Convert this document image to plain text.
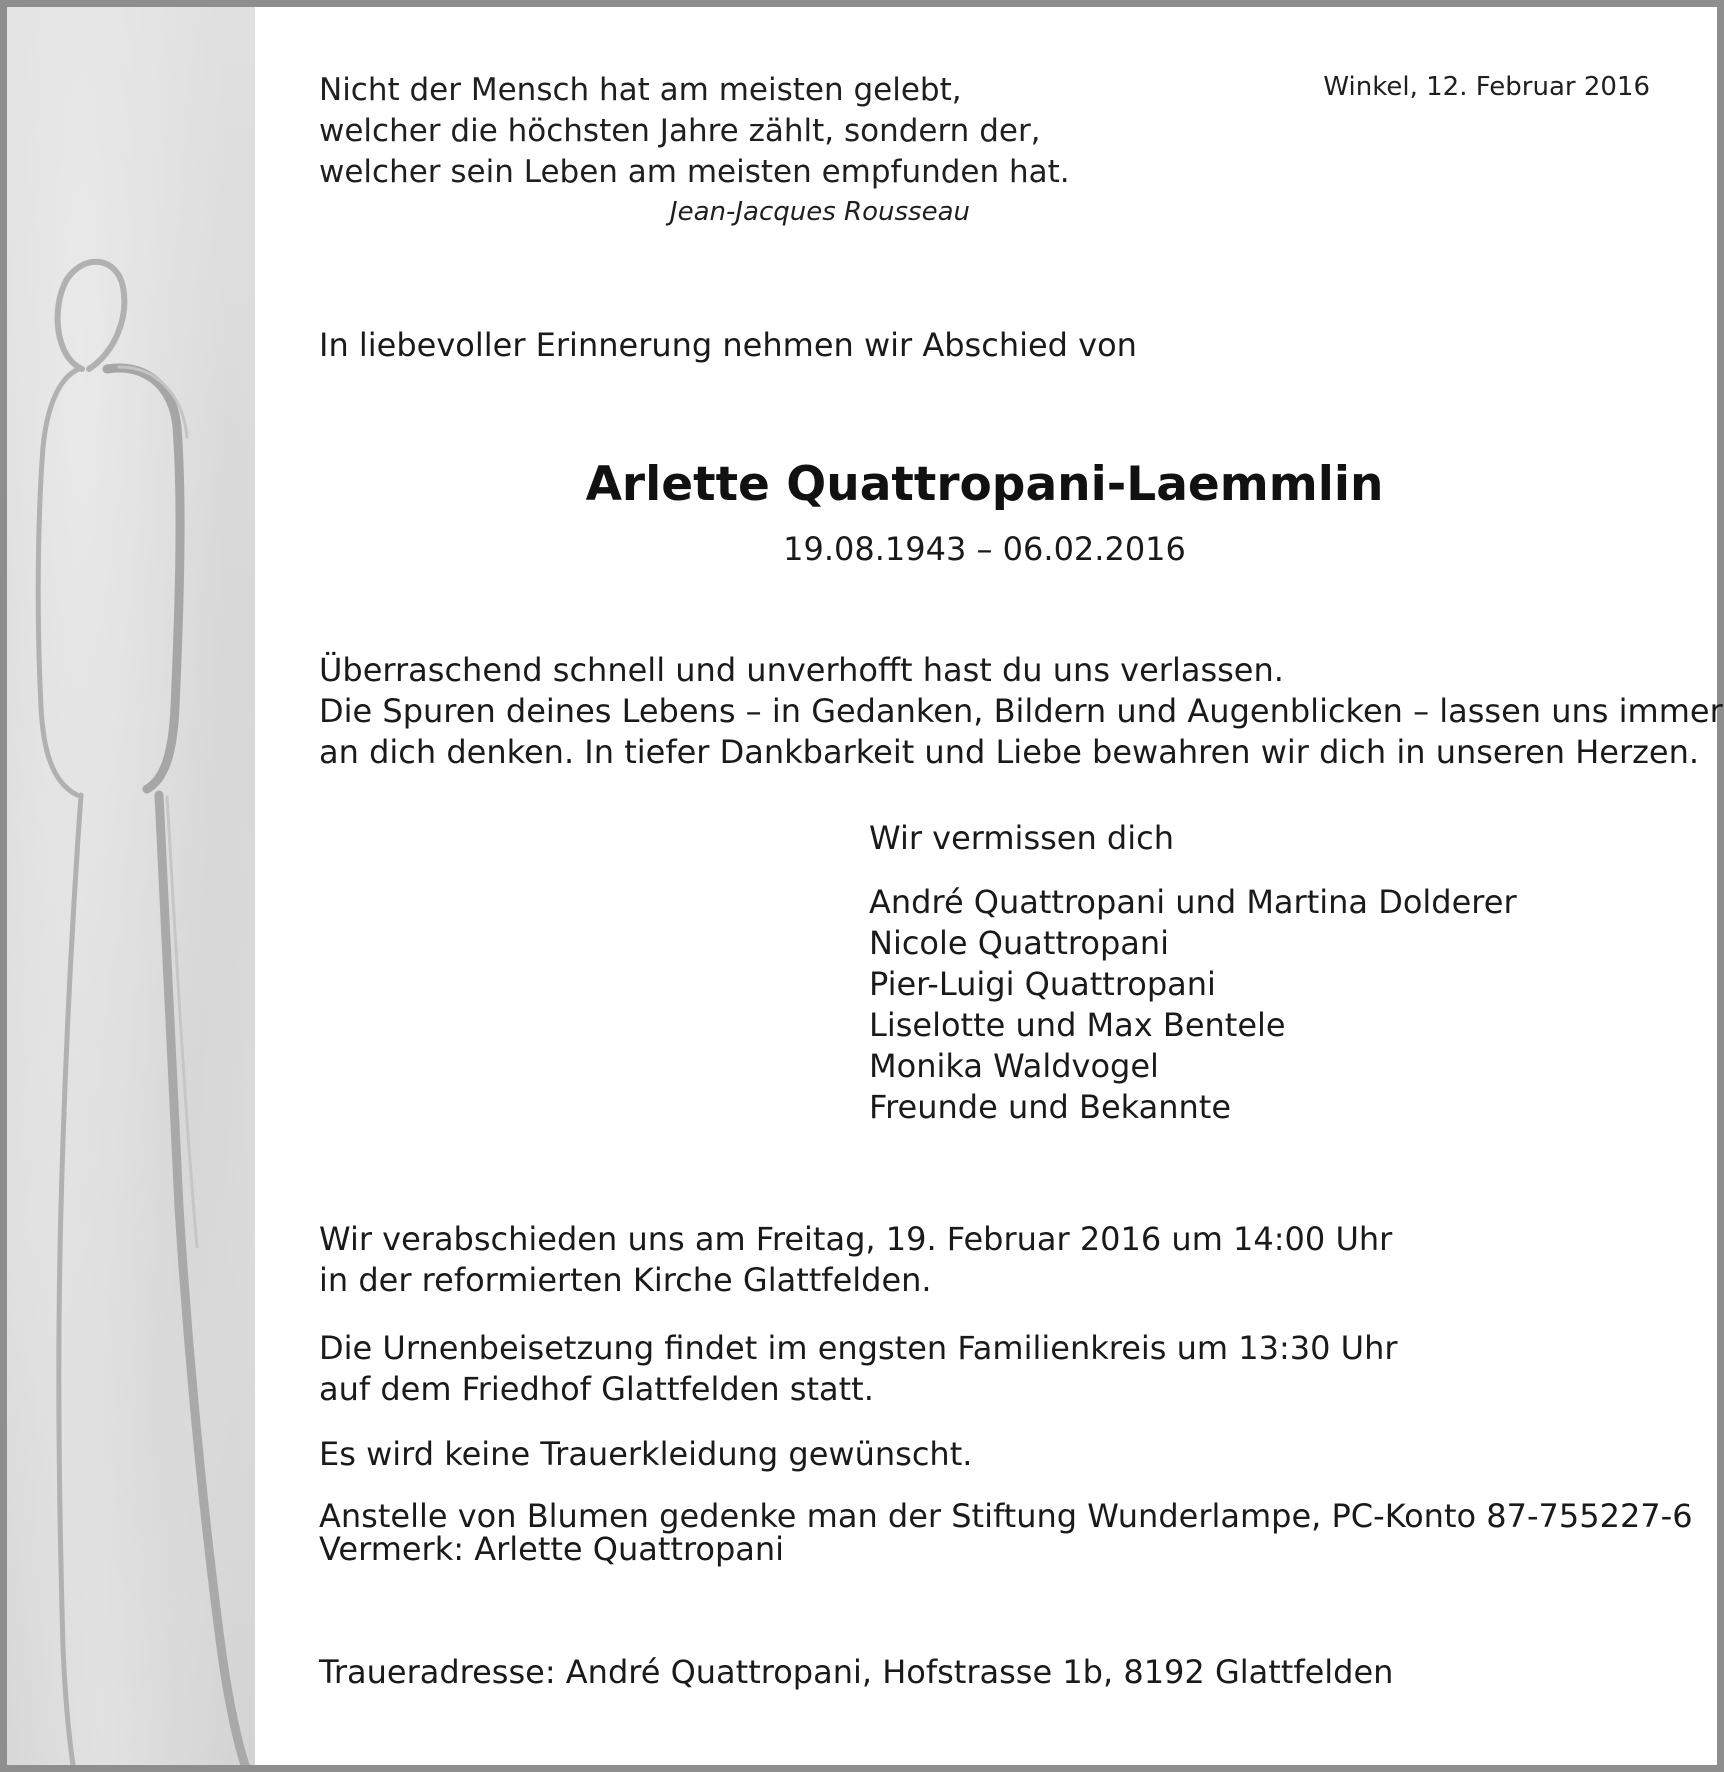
Nicht der Mensch hat am meisten gelebt,
welcher die höchsten Jahre zählt, sondern der,
welcher sein Leben am meisten empfunden hat.
Jean-Jacques Rousseau
Winkel, 12. Februar 2016
In liebevoller Erinnerung nehmen wir Abschied von
Arlette Quattropani-Laemmlin
19.08.1943 – 06.02.2016
Überraschend schnell und unverhofft hast du uns verlassen.
Die Spuren deines Lebens – in Gedanken, Bildern und Augenblicken – lassen uns immer
an dich denken. In tiefer Dankbarkeit und Liebe bewahren wir dich in unseren Herzen.
Wir vermissen dich
André Quattropani und Martina Dolderer
Nicole Quattropani
Pier-Luigi Quattropani
Liselotte und Max Bentele
Monika Waldvogel
Freunde und Bekannte
Wir verabschieden uns am Freitag, 19. Februar 2016 um 14:00 Uhr
in der reformierten Kirche Glattfelden.
Die Urnenbeisetzung findet im engsten Familienkreis um 13:30 Uhr
auf dem Friedhof Glattfelden statt.
Es wird keine Trauerkleidung gewünscht.
Anstelle von Blumen gedenke man der Stiftung Wunderlampe, PC-Konto 87-755227-6
Vermerk: Arlette Quattropani
Traueradresse: André Quattropani, Hofstrasse 1b, 8192 Glattfelden
